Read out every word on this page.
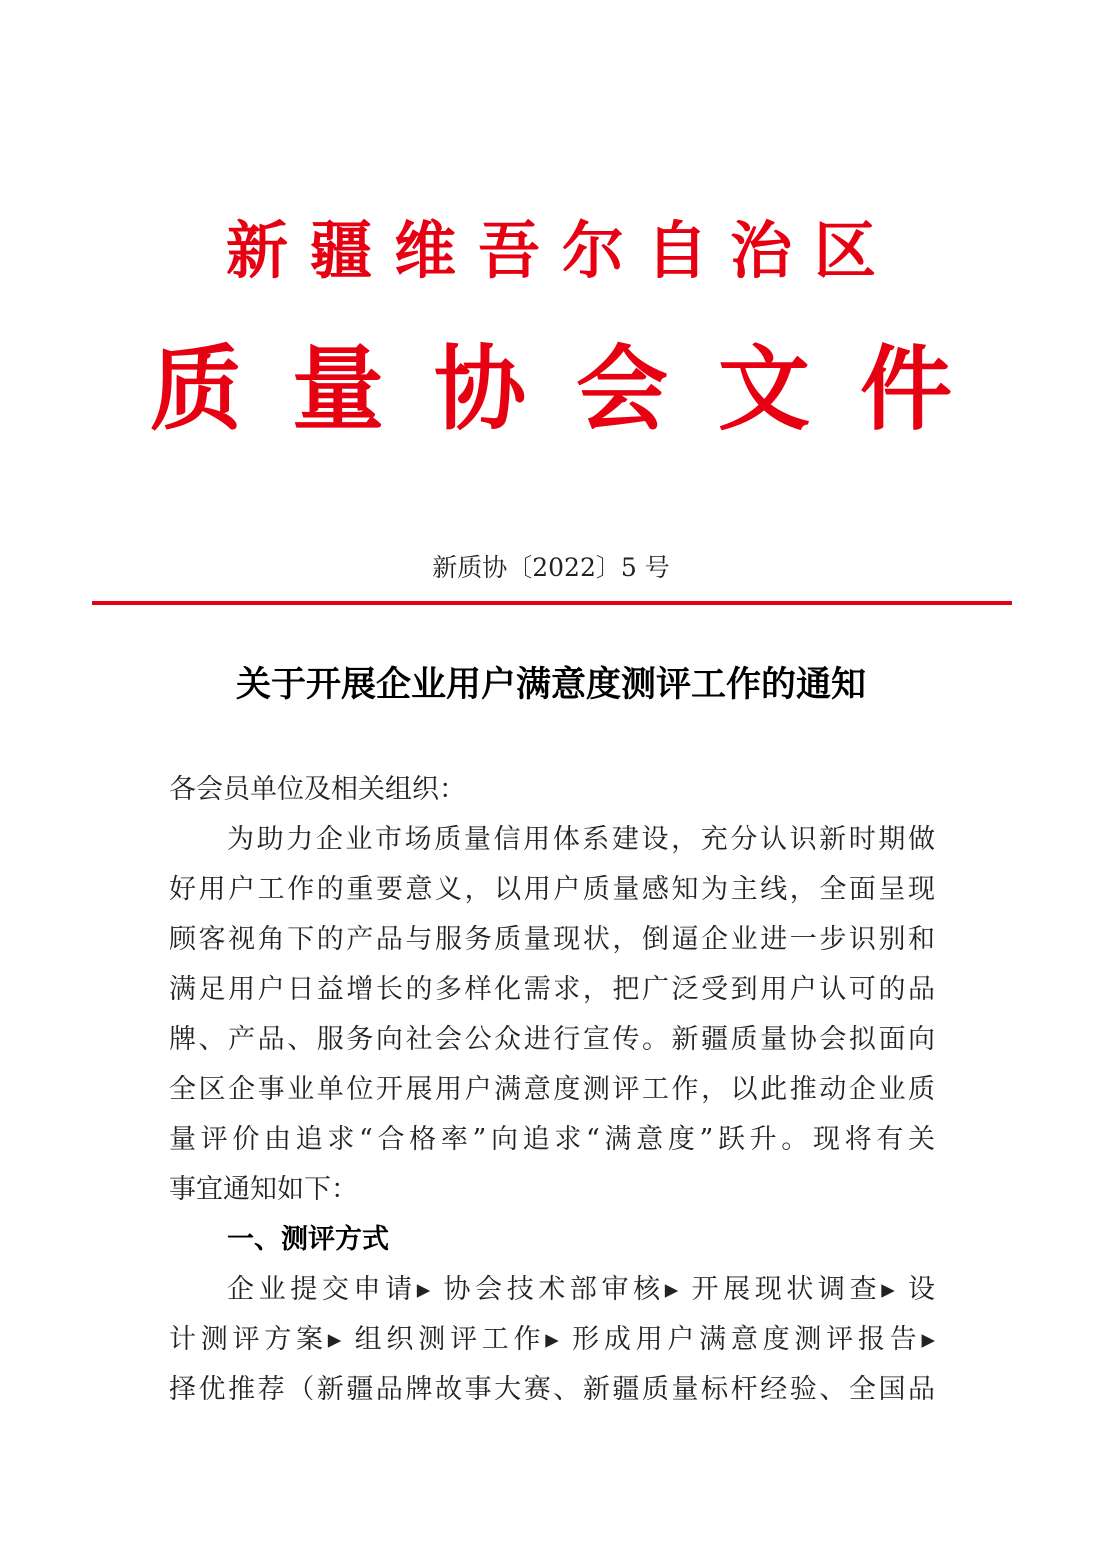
新疆维吾尔自治区
质量协会文件
新质协〔2022〕5 号
关于开展企业用户满意度测评工作的通知
各会员单位及相关组织：
为助力企业市场质量信用体系建设，充分认识新时期做
好用户工作的重要意义，以用户质量感知为主线，全面呈现
顾客视角下的产品与服务质量现状，倒逼企业进一步识别和
满足用户日益增长的多样化需求，把广泛受到用户认可的品
牌、产品、服务向社会公众进行宣传。新疆质量协会拟面向
全区企事业单位开展用户满意度测评工作，以此推动企业质
量评价由追求“合格率”向追求“满意度”跃升。现将有关
事宜通知如下：
一、测评方式
企业提交申请▸ 协会技术部审核▸ 开展现状调查▸ 设
计测评方案▸ 组织测评工作▸ 形成用户满意度测评报告▸
择优推荐（新疆品牌故事大赛、新疆质量标杆经验、全国品
